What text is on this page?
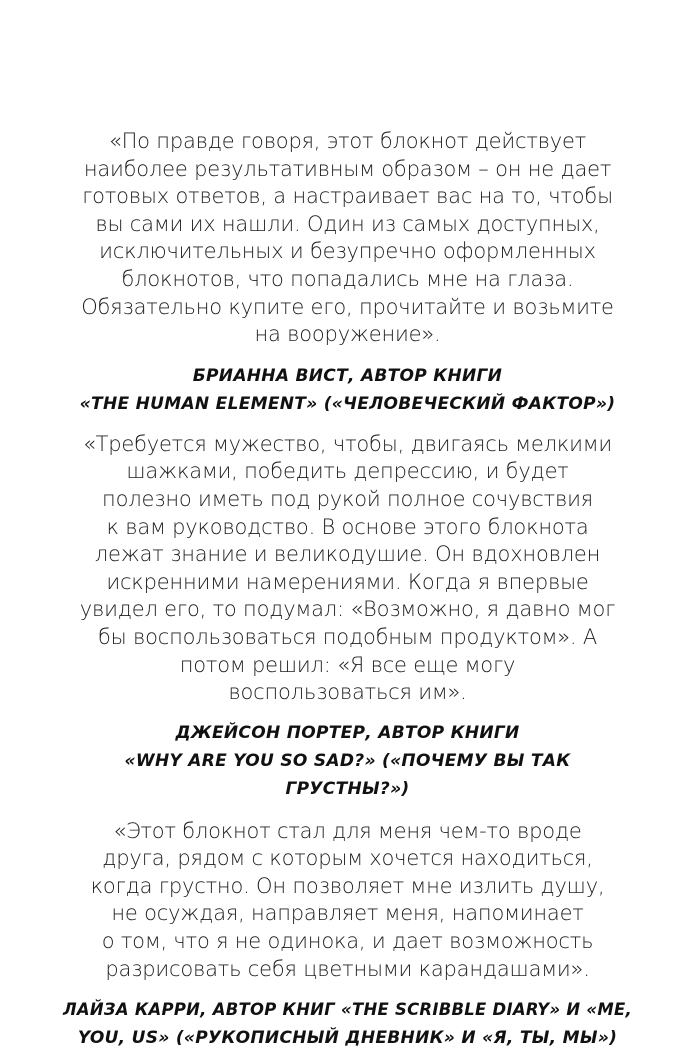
«По правде говоря, этот блокнот действует
наиболее результативным образом – он не дает
готовых ответов, а настраивает вас на то, чтобы
вы сами их нашли. Один из самых доступных,
исключительных и безупречно оформленных
блокнотов, что попадались мне на глаза.
Обязательно купите его, прочитайте и возьмите
на вооружение».

БРИАННА ВИСТ, АВТОР КНИГИ
«THE HUMAN ELEMENT» («ЧЕЛОВЕЧЕСКИЙ ФАКТОР»)

«Требуется мужество, чтобы, двигаясь мелкими
шажками, победить депрессию, и будет
полезно иметь под рукой полное сочувствия
к вам руководство. В основе этого блокнота
лежат знание и великодушие. Он вдохновлен
искренними намерениями. Когда я впервые
увидел его, то подумал: «Возможно, я давно мог
бы воспользоваться подобным продуктом». А
потом решил: «Я все еще могу
воспользоваться им».

ДЖЕЙСОН ПОРТЕР, АВТОР КНИГИ
«WHY ARE YOU SO SAD?» («ПОЧЕМУ ВЫ ТАК
ГРУСТНЫ?»)

«Этот блокнот стал для меня чем-то вроде
друга, рядом с которым хочется находиться,
когда грустно. Он позволяет мне излить душу,
не осуждая, направляет меня, напоминает
о том, что я не одинока, и дает возможность
разрисовать себя цветными карандашами».

ЛАЙЗА КАРРИ, АВТОР КНИГ «THE SCRIBBLE DIARY» И «ME,
YOU, US» («РУКОПИСНЫЙ ДНЕВНИК» И «Я, ТЫ, МЫ»)
